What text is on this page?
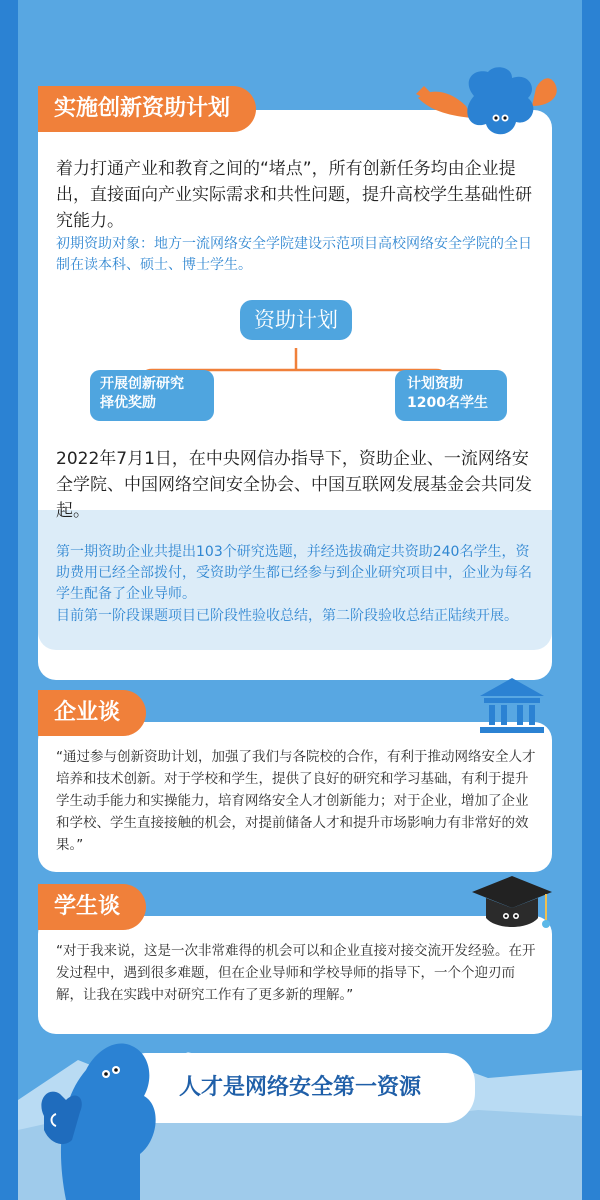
着力打通产业和教育之间的“堵点”，所有创新任务均由企业提出，直接面向产业实际需求和共性问题，提升高校学生基础性研究能力。

初期资助对象：地方一流网络安全学院建设示范项目高校网络安全学院的全日制在读本科、硕士、博士学生。

资助计划
开展创新研究
择优奖励
计划资助
1200名学生

2022年7月1日，在中央网信办指导下，资助企业、一流网络安全学院、中国网络空间安全协会、中国互联网发展基金会共同发起。

第一期资助企业共提出103个研究选题，并经选拔确定共资助240名学生，资助费用已经全部拨付，受资助学生都已经参与到企业研究项目中，企业为每名学生配备了企业导师。

目前第一阶段课题项目已阶段性验收总结，第二阶段验收总结正陆续开展。

实施创新资助计划

“通过参与创新资助计划，加强了我们与各院校的合作，有利于推动网络安全人才培养和技术创新。对于学校和学生，提供了良好的研究和学习基础，有利于提升学生动手能力和实操能力，培育网络安全人才创新能力；对于企业，增加了企业和学校、学生直接接触的机会，对提前储备人才和提升市场影响力有非常好的效果。”

企业谈

“对于我来说，这是一次非常难得的机会可以和企业直接对接交流开发经验。在开发过程中，遇到很多难题，但在企业导师和学校导师的指导下，一个个迎刃而解，让我在实践中对研究工作有了更多新的理解。”

学生谈
人才是网络安全第一资源
